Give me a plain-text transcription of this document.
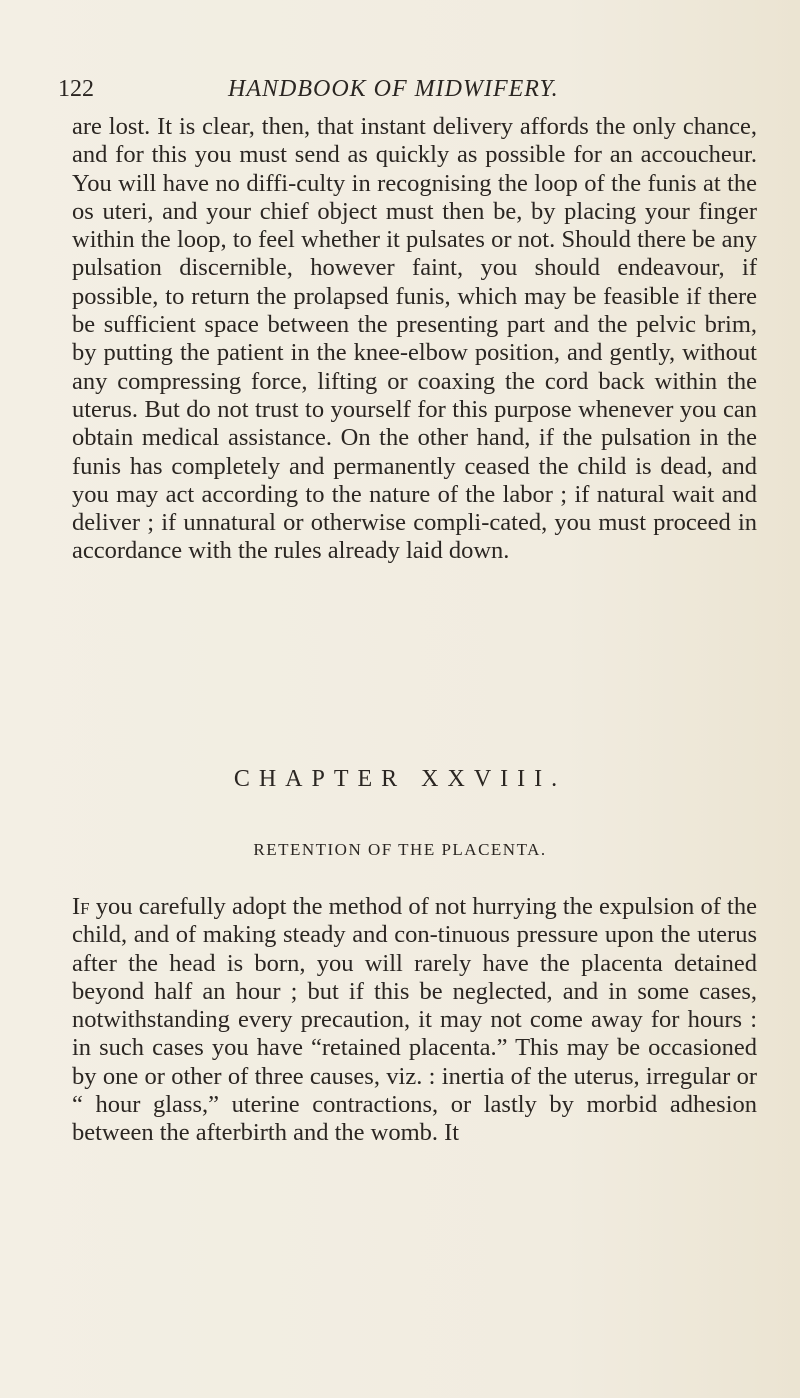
122	HANDBOOK OF MIDWIFERY.

are lost. It is clear, then, that instant delivery affords the only chance, and for this you must send as quickly as possible for an accoucheur. You will have no diffi-culty in recognising the loop of the funis at the os uteri, and your chief object must then be, by placing your finger within the loop, to feel whether it pulsates or not. Should there be any pulsation discernible, however faint, you should endeavour, if possible, to return the prolapsed funis, which may be feasible if there be sufficient space between the presenting part and the pelvic brim, by putting the patient in the knee-elbow position, and gently, without any compressing force, lifting or coaxing the cord back within the uterus. But do not trust to yourself for this purpose whenever you can obtain medical assistance. On the other hand, if the pulsation in the funis has completely and permanently ceased the child is dead, and you may act according to the nature of the labor ; if natural wait and deliver ; if unnatural or otherwise compli-cated, you must proceed in accordance with the rules already laid down.

CHAPTER XXVIII.
RETENTION OF THE PLACENTA.

If you carefully adopt the method of not hurrying the expulsion of the child, and of making steady and con-tinuous pressure upon the uterus after the head is born, you will rarely have the placenta detained beyond half an hour ; but if this be neglected, and in some cases, notwithstanding every precaution, it may not come away for hours : in such cases you have “retained placenta.” This may be occasioned by one or other of three causes, viz. : inertia of the uterus, irregular or “ hour glass,” uterine contractions, or lastly by morbid adhesion between the afterbirth and the womb. It
